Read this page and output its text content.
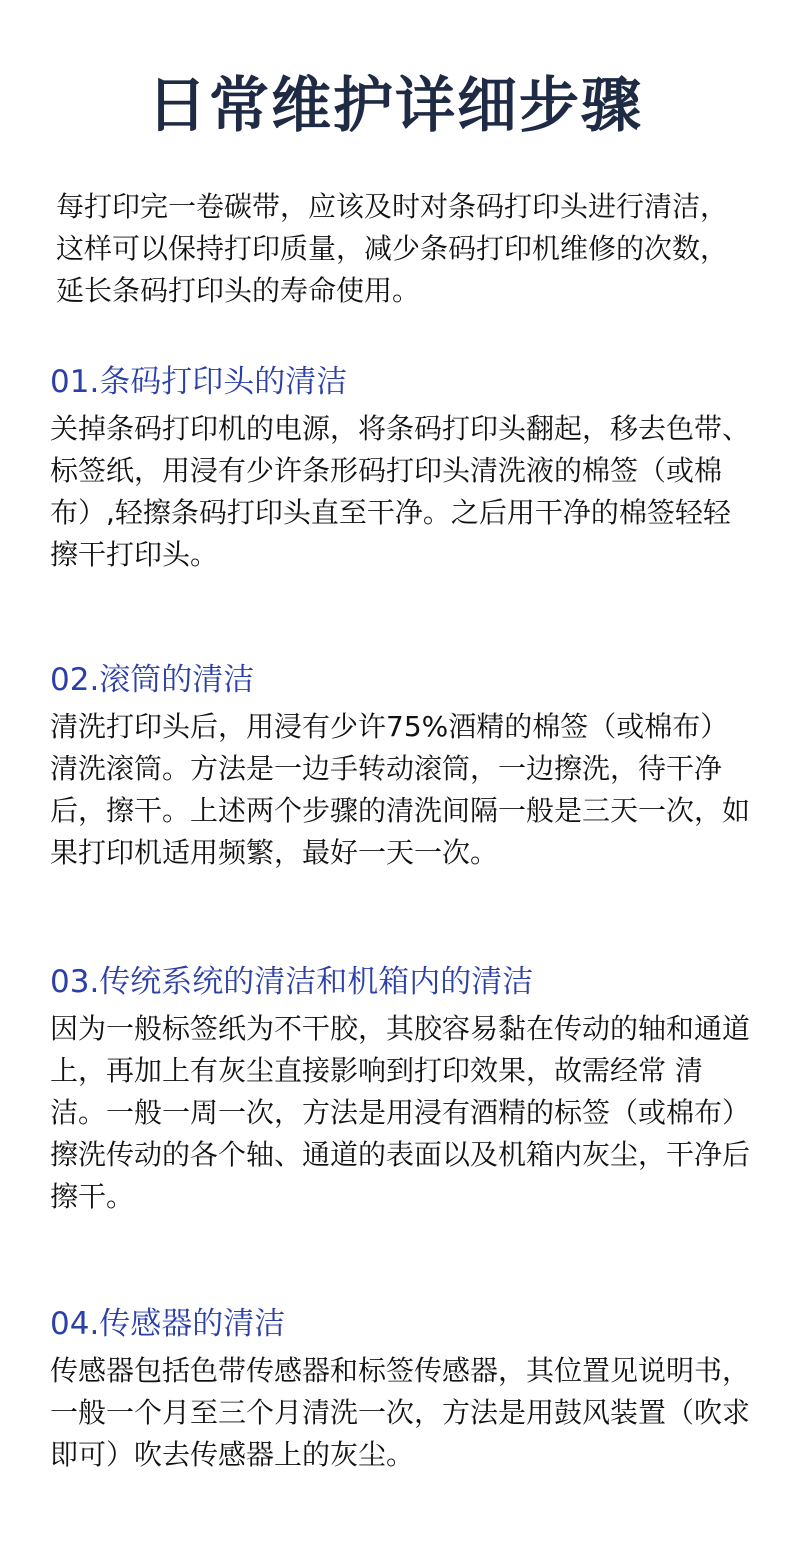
日常维护详细步骤

每打印完一卷碳带，应该及时对条码打印头进行清洁，这样可以保持打印质量，减少条码打印机维修的次数，延长条码打印头的寿命使用。

01.条码打印头的清洁

关掉条码打印机的电源，将条码打印头翻起，移去色带、标签纸，用浸有少许条形码打印头清洗液的棉签（或棉布）,轻擦条码打印头直至干净。之后用干净的棉签轻轻擦干打印头。

02.滚筒的清洁

清洗打印头后，用浸有少许75%酒精的棉签（或棉布）清洗滚筒。方法是一边手转动滚筒，一边擦洗，待干净后，擦干。上述两个步骤的清洗间隔一般是三天一次，如果打印机适用频繁，最好一天一次。

03.传统系统的清洁和机箱内的清洁

因为一般标签纸为不干胶，其胶容易黏在传动的轴和通道上，再加上有灰尘直接影响到打印效果，故需经常 清洁。一般一周一次，方法是用浸有酒精的标签（或棉布）擦洗传动的各个轴、通道的表面以及机箱内灰尘，干净后擦干。

04.传感器的清洁

传感器包括色带传感器和标签传感器，其位置见说明书，一般一个月至三个月清洗一次，方法是用鼓风装置（吹求即可）吹去传感器上的灰尘。
